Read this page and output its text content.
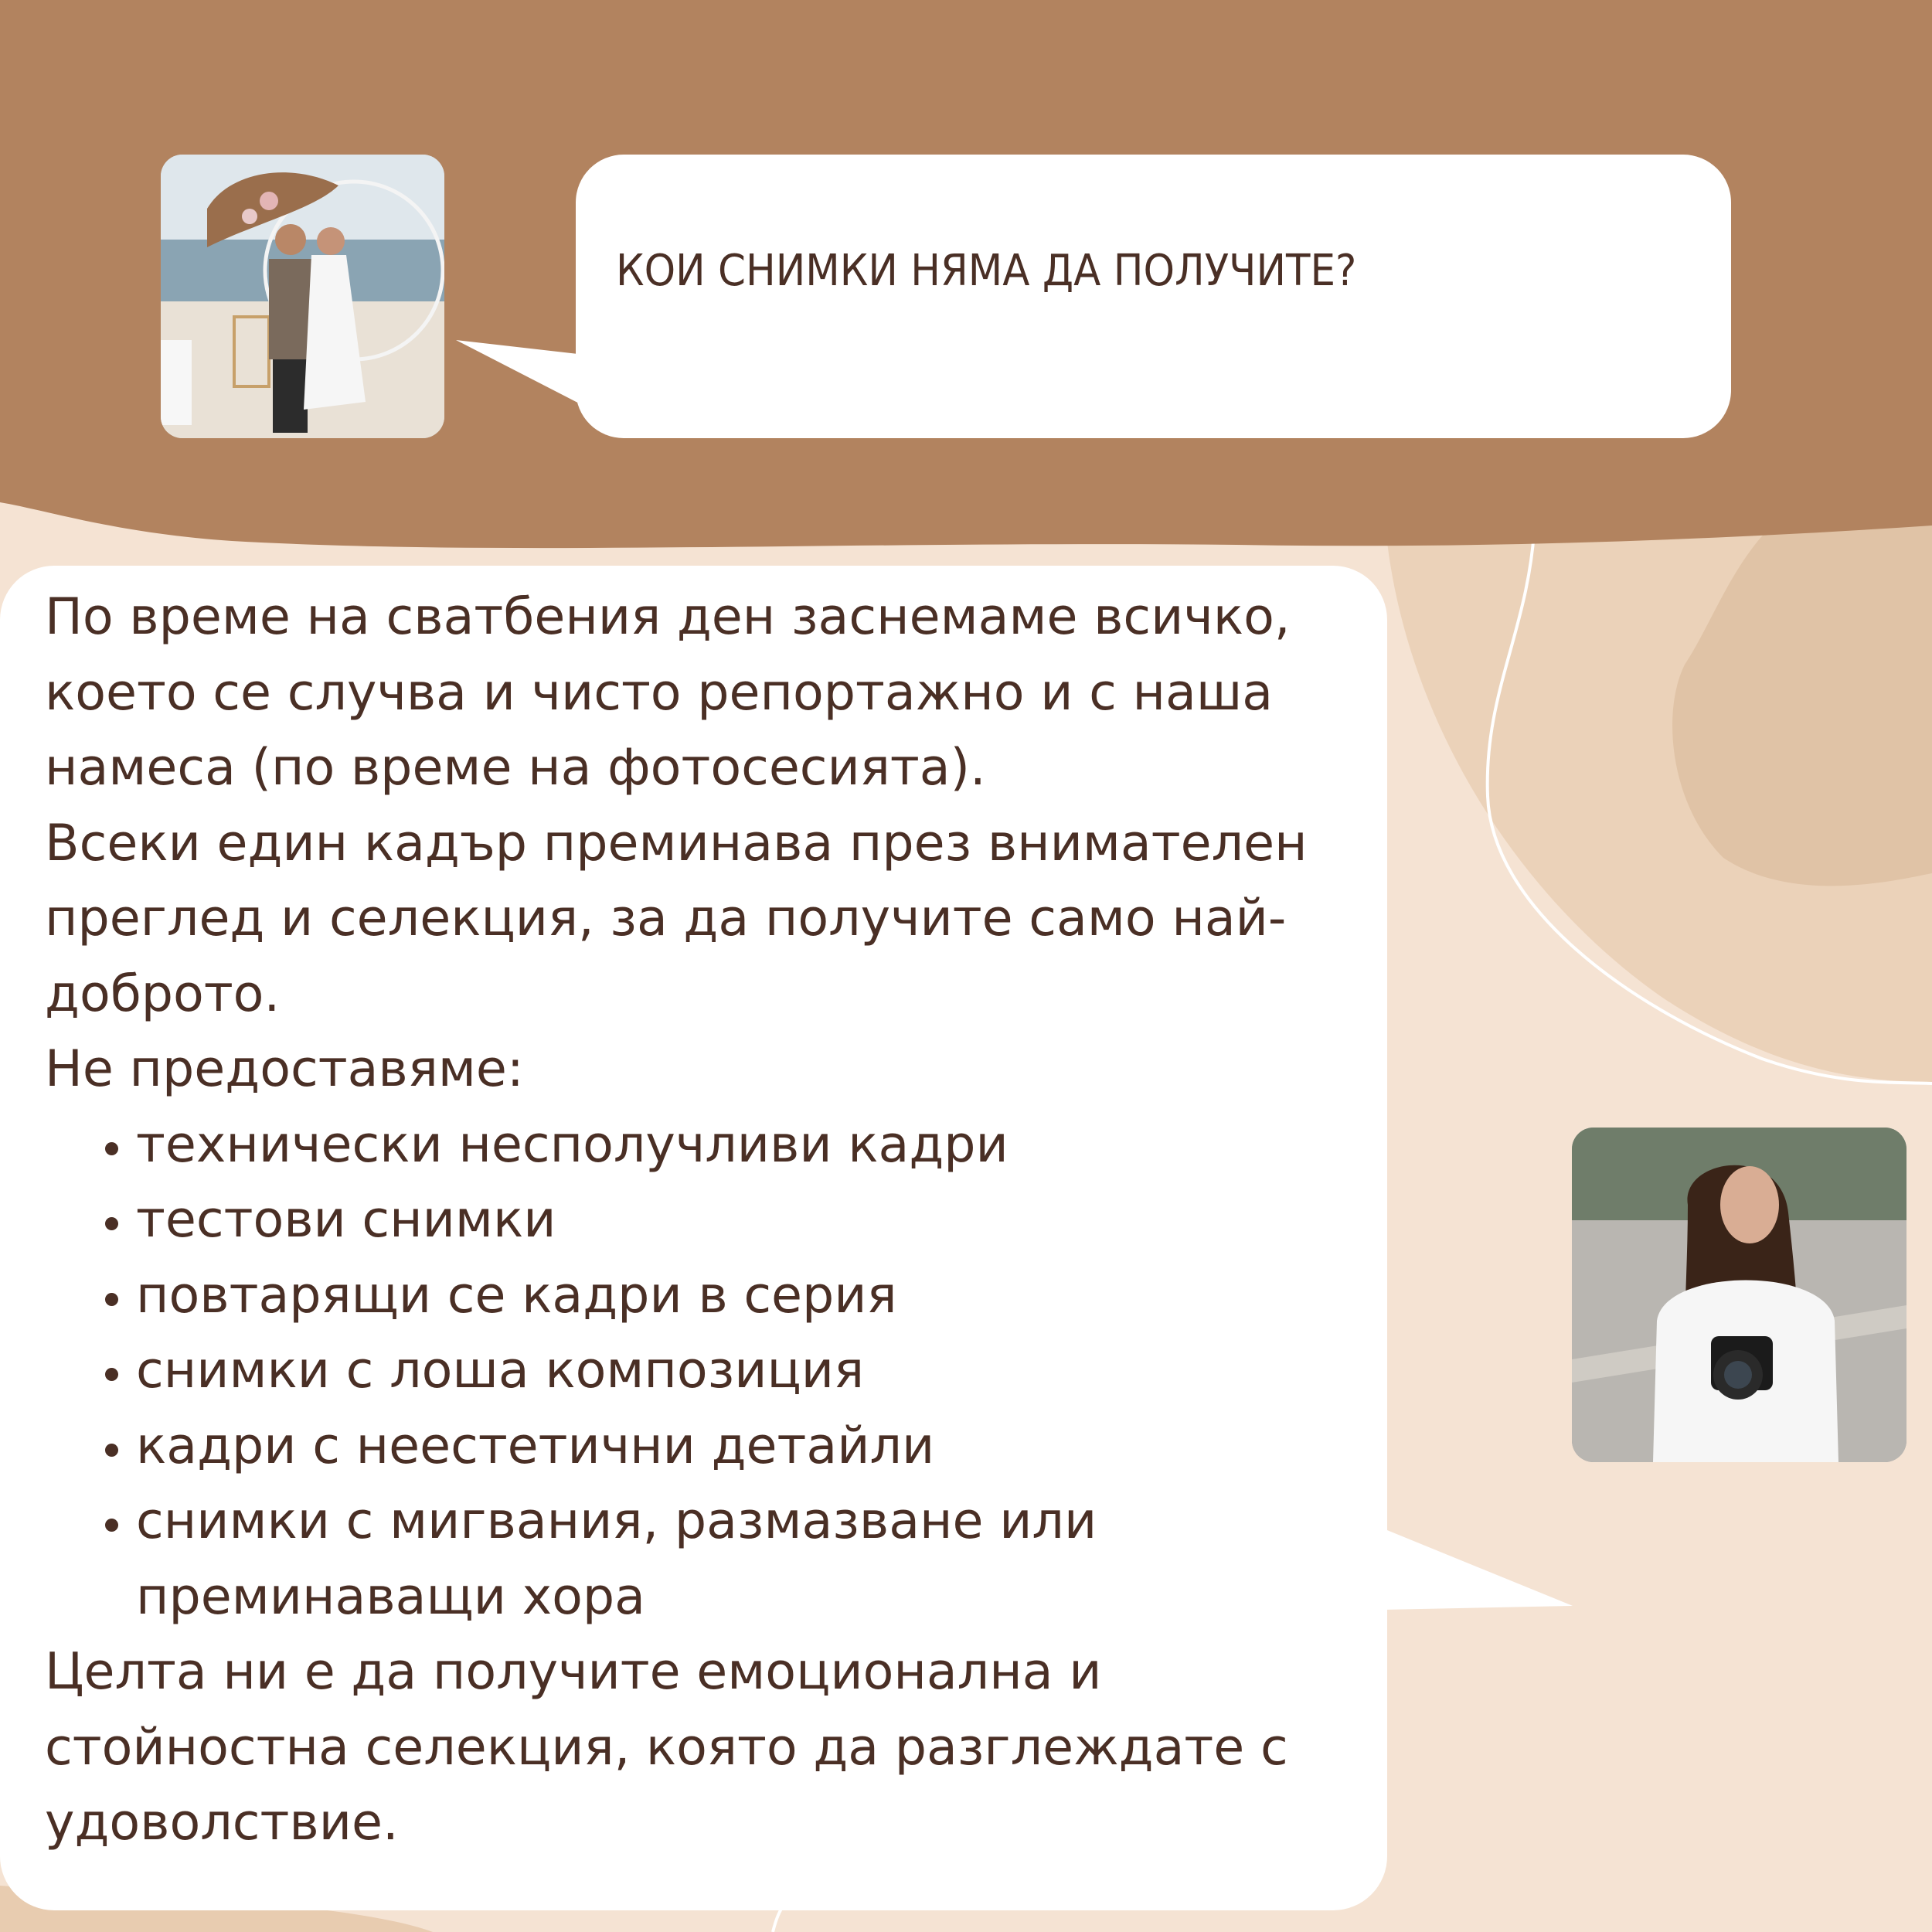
КОИ СНИМКИ НЯМА ДА ПОЛУЧИТЕ?

По време на сватбения ден заснемаме всичко, което се случва и чисто репортажно и с наша намеса (по време на фотосесията).

Всеки един кадър преминава през внимателен преглед и селекция, за да получите само най-доброто.

Не предоставяме:

• технически несполучливи кадри
• тестови снимки
• повтарящи се кадри в серия
• снимки с лоша композиция
• кадри с неестетични детайли
• снимки с мигвания, размазване или преминаващи хора

Целта ни е да получите емоционална и стойностна селекция, която да разглеждате с удоволствие.
